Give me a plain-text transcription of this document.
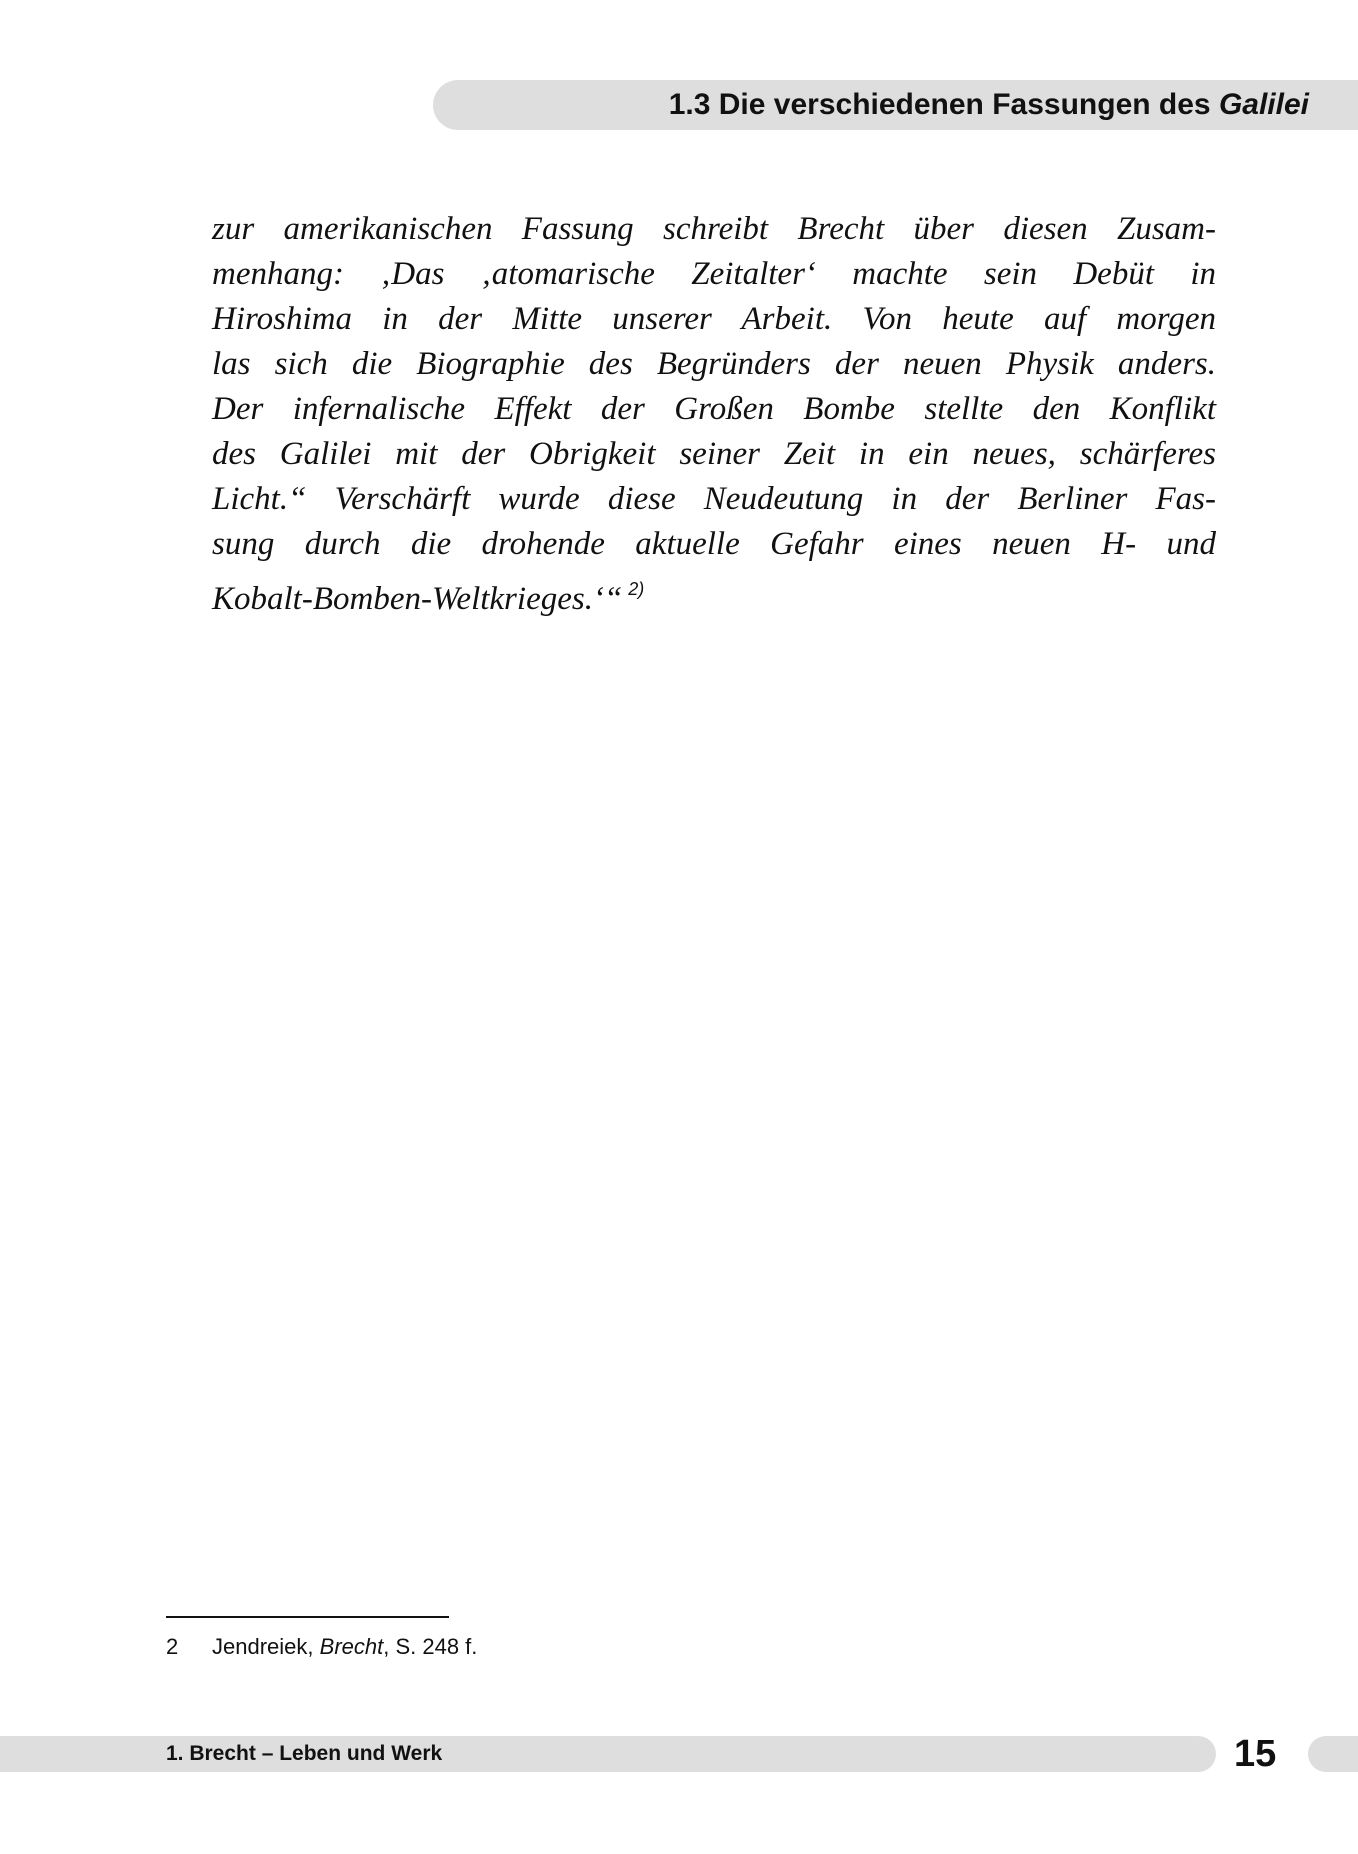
1.3 Die verschiedenen Fassungen des Galilei
zur amerikanischen Fassung schreibt Brecht über diesen Zusam-
menhang: ‚Das ‚atomarische Zeitalter‘ machte sein Debüt in
Hiroshima in der Mitte unserer Arbeit. Von heute auf morgen
las sich die Biographie des Begründers der neuen Physik anders.
Der infernalische Effekt der Großen Bombe stellte den Konflikt
des Galilei mit der Obrigkeit seiner Zeit in ein neues, schärferes
Licht.“ Verschärft wurde diese Neudeutung in der Berliner Fas-
sung durch die drohende aktuelle Gefahr eines neuen H- und
Kobalt-Bomben-Weltkrieges.‘“ $^{2)}$
2 Jendreiek, Brecht, S. 248 f.
1. Brecht – Leben und Werk	15
